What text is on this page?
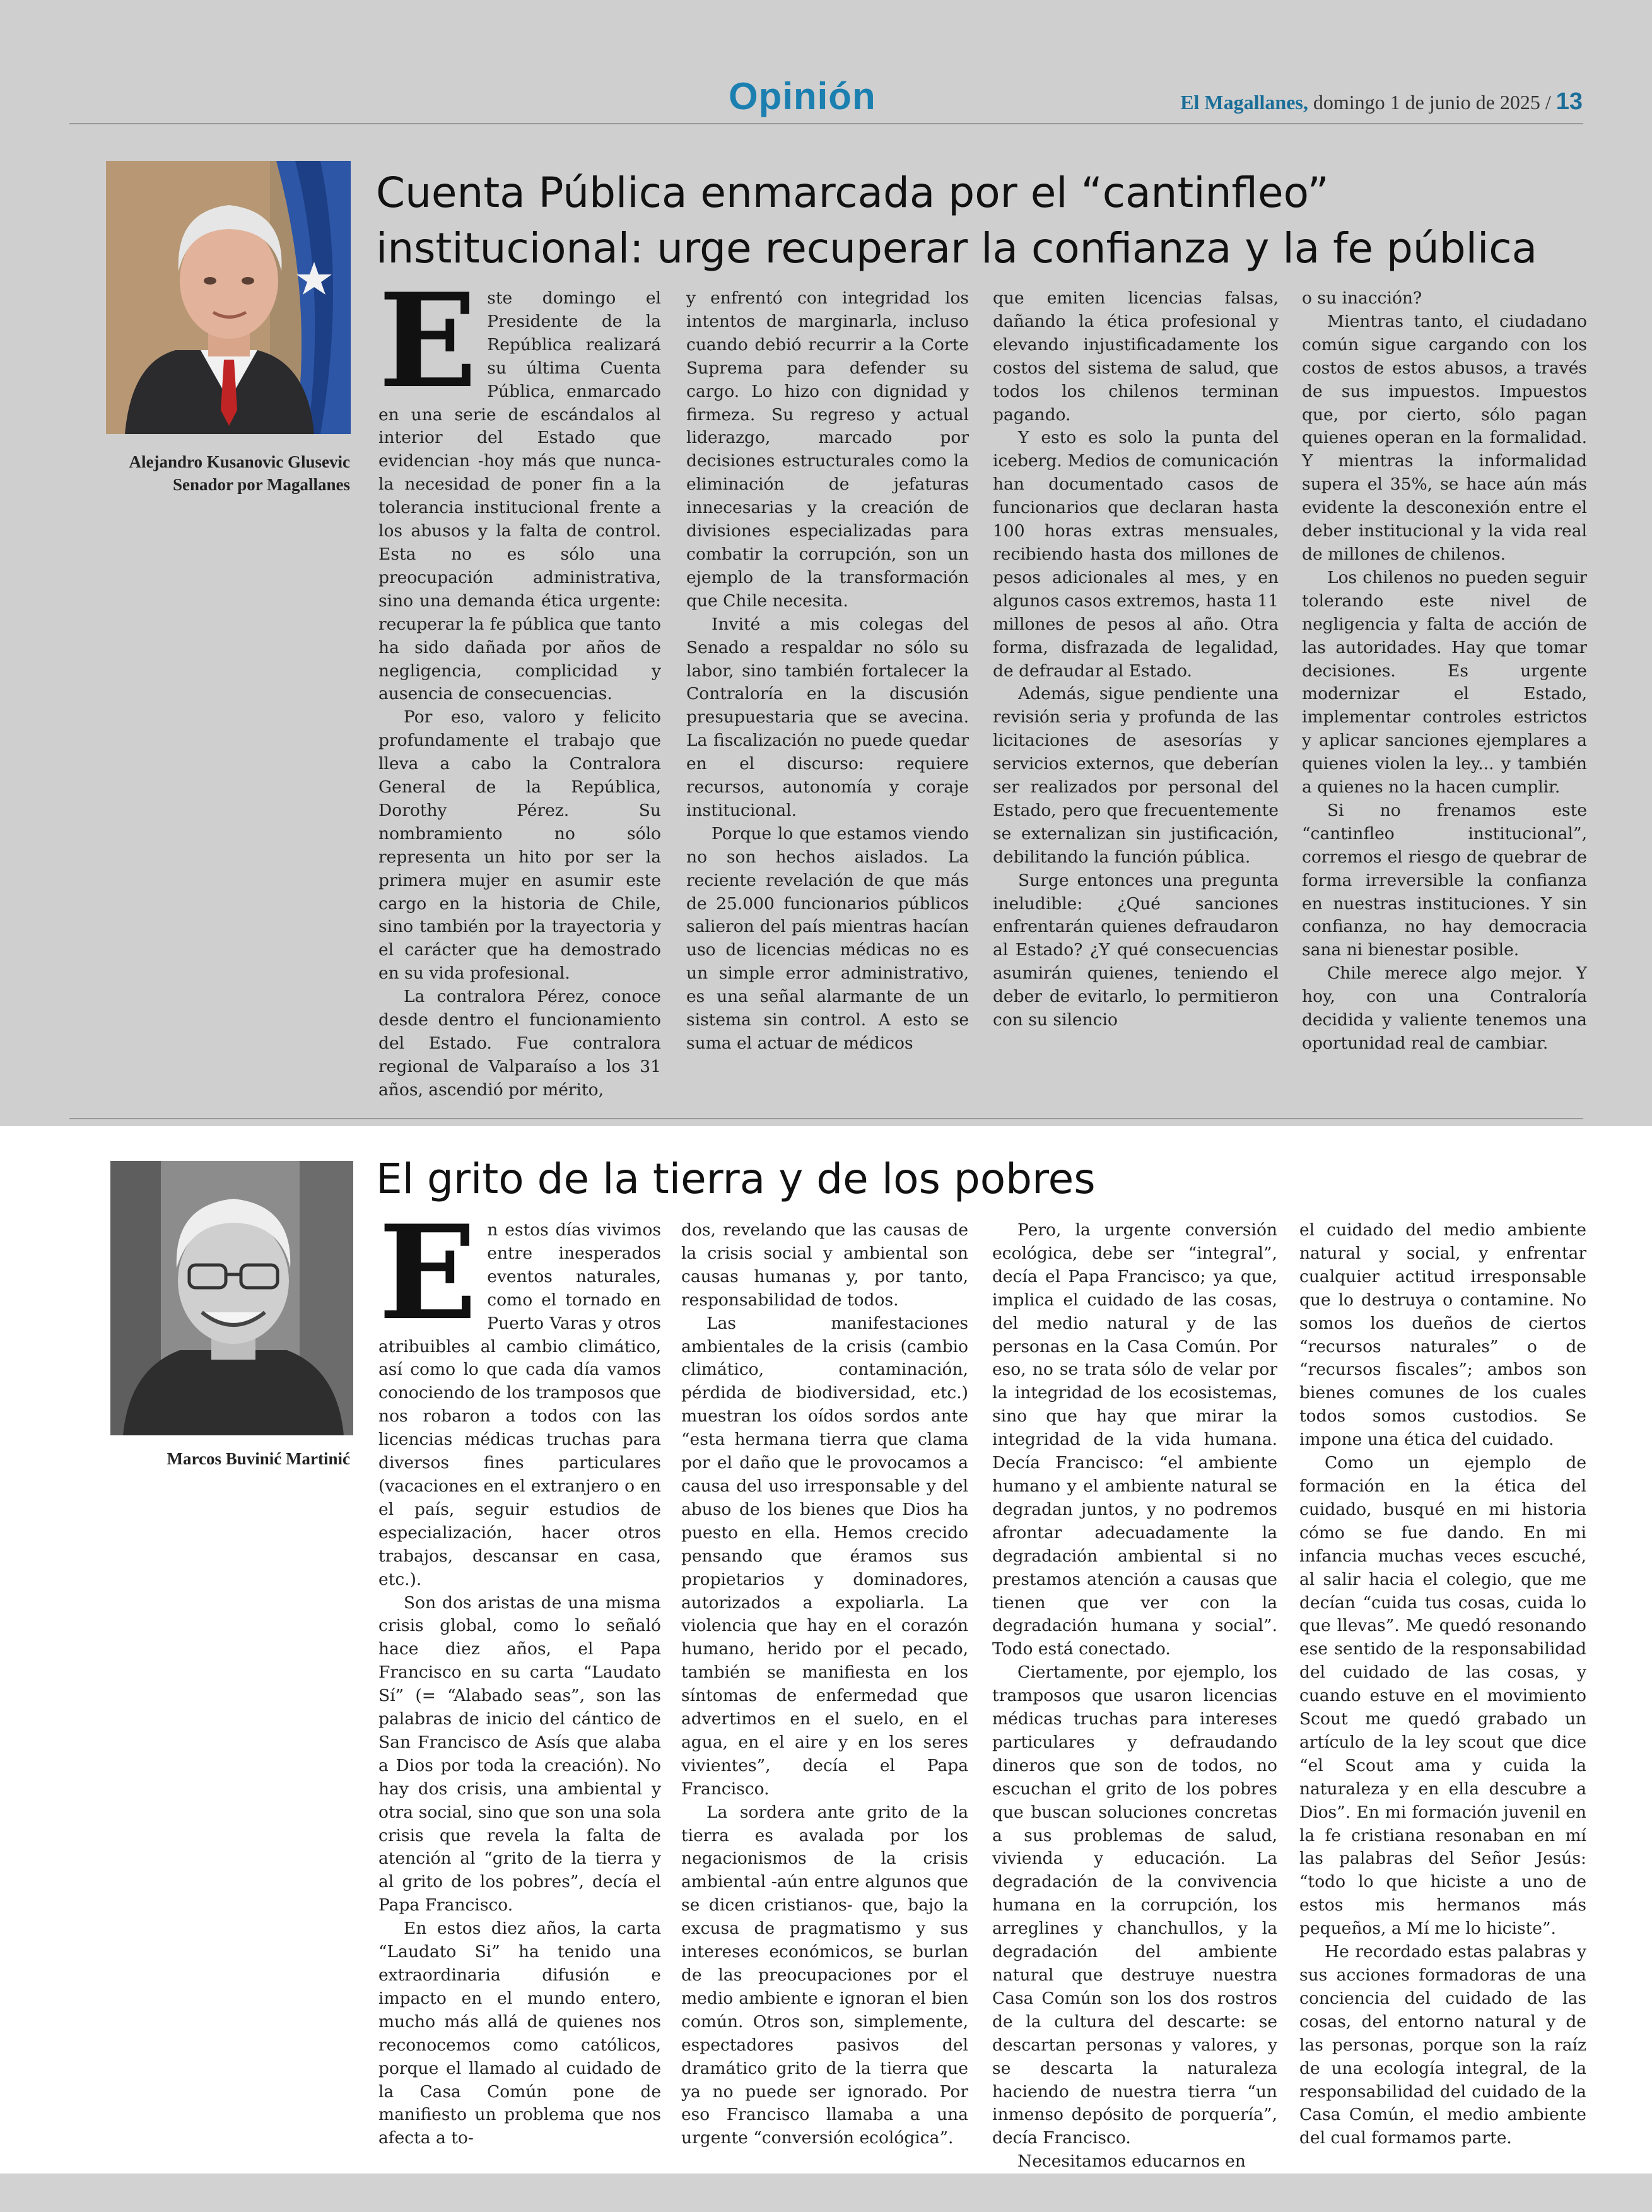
Opinión	El Magallanes, domingo 1 de junio de 2025 / 13
Alejandro Kusanovic Glusevic
Senador por Magallanes
Cuenta Pública enmarcada por el “cantinfleo”
institucional: urge recuperar la confianza y la fe pública
E ste domingo el Presidente de la República realizará su última Cuenta Pública, enmarcado en una serie de escándalos al interior del Estado que evidencian -hoy más que nunca- la necesidad de poner fin a la tolerancia institucional frente a los abusos y la falta de control. Esta no es sólo una preocupación administrativa, sino una demanda ética urgente: recuperar la fe pública que tanto ha sido dañada por años de negligencia, complicidad y ausencia de consecuencias.

Por eso, valoro y felicito profundamente el trabajo que lleva a cabo la Contralora General de la República, Dorothy Pérez. Su nombramiento no sólo representa un hito por ser la primera mujer en asumir este cargo en la historia de Chile, sino también por la trayectoria y el carácter que ha demostrado en su vida profesional.

La contralora Pérez, conoce desde dentro el funcionamiento del Estado. Fue contralora regional de Valparaíso a los 31 años, ascendió por mérito,

y enfrentó con integridad los intentos de marginarla, incluso cuando debió recurrir a la Corte Suprema para defender su cargo. Lo hizo con dignidad y firmeza. Su regreso y actual liderazgo, marcado por decisiones estructurales como la eliminación de jefaturas innecesarias y la creación de divisiones especializadas para combatir la corrupción, son un ejemplo de la transformación que Chile necesita.

Invité a mis colegas del Senado a respaldar no sólo su labor, sino también fortalecer la Contraloría en la discusión presupuestaria que se avecina. La fiscalización no puede quedar en el discurso: requiere recursos, autonomía y coraje institucional.

Porque lo que estamos viendo no son hechos aislados. La reciente revelación de que más de 25.000 funcionarios públicos salieron del país mientras hacían uso de licencias médicas no es un simple error administrativo, es una señal alarmante de un sistema sin control. A esto se suma el actuar de médicos

que emiten licencias falsas, dañando la ética profesional y elevando injustificadamente los costos del sistema de salud, que todos los chilenos terminan pagando.

Y esto es solo la punta del iceberg. Medios de comunicación han documentado casos de funcionarios que declaran hasta 100 horas extras mensuales, recibiendo hasta dos millones de pesos adicionales al mes, y en algunos casos extremos, hasta 11 millones de pesos al año. Otra forma, disfrazada de legalidad, de defraudar al Estado.

Además, sigue pendiente una revisión seria y profunda de las licitaciones de asesorías y servicios externos, que deberían ser realizados por personal del Estado, pero que frecuentemente se externalizan sin justificación, debilitando la función pública.

Surge entonces una pregunta ineludible: ¿Qué sanciones enfrentarán quienes defraudaron al Estado? ¿Y qué consecuencias asumirán quienes, teniendo el deber de evitarlo, lo permitieron con su silencio

o su inacción?

Mientras tanto, el ciudadano común sigue cargando con los costos de estos abusos, a través de sus impuestos. Impuestos que, por cierto, sólo pagan quienes operan en la formalidad. Y mientras la informalidad supera el 35%, se hace aún más evidente la desconexión entre el deber institucional y la vida real de millones de chilenos.

Los chilenos no pueden seguir tolerando este nivel de negligencia y falta de acción de las autoridades. Hay que tomar decisiones. Es urgente modernizar el Estado, implementar controles estrictos y aplicar sanciones ejemplares a quienes violen la ley... y también a quienes no la hacen cumplir.

Si no frenamos este “cantinfleo institucional”, corremos el riesgo de quebrar de forma irreversible la confianza en nuestras instituciones. Y sin confianza, no hay democracia sana ni bienestar posible.

Chile merece algo mejor. Y hoy, con una Contraloría decidida y valiente tenemos una oportunidad real de cambiar.

Marcos Buvinić Martinić
El grito de la tierra y de los pobres
E n estos días vivimos entre inesperados eventos naturales, como el tornado en Puerto Varas y otros atribuibles al cambio climático, así como lo que cada día vamos conociendo de los tramposos que nos robaron a todos con las licencias médicas truchas para diversos fines particulares (vacaciones en el extranjero o en el país, seguir estudios de especialización, hacer otros trabajos, descansar en casa, etc.).

Son dos aristas de una misma crisis global, como lo señaló hace diez años, el Papa Francisco en su carta “Laudato Sí” (= “Alabado seas”, son las palabras de inicio del cántico de San Francisco de Asís que alaba a Dios por toda la creación). No hay dos crisis, una ambiental y otra social, sino que son una sola crisis que revela la falta de atención al “grito de la tierra y al grito de los pobres”, decía el Papa Francisco.

En estos diez años, la carta “Laudato Si” ha tenido una extraordinaria difusión e impacto en el mundo entero, mucho más allá de quienes nos reconocemos como católicos, porque el llamado al cuidado de la Casa Común pone de manifiesto un problema que nos afecta a to-

dos, revelando que las causas de la crisis social y ambiental son causas humanas y, por tanto, responsabilidad de todos.

Las manifestaciones ambientales de la crisis (cambio climático, contaminación, pérdida de biodiversidad, etc.) muestran los oídos sordos ante “esta hermana tierra que clama por el daño que le provocamos a causa del uso irresponsable y del abuso de los bienes que Dios ha puesto en ella. Hemos crecido pensando que éramos sus propietarios y dominadores, autorizados a expoliarla. La violencia que hay en el corazón humano, herido por el pecado, también se manifiesta en los síntomas de enfermedad que advertimos en el suelo, en el agua, en el aire y en los seres vivientes”, decía el Papa Francisco.

La sordera ante grito de la tierra es avalada por los negacionismos de la crisis ambiental -aún entre algunos que se dicen cristianos- que, bajo la excusa de pragmatismo y sus intereses económicos, se burlan de las preocupaciones por el medio ambiente e ignoran el bien común. Otros son, simplemente, espectadores pasivos del dramático grito de la tierra que ya no puede ser ignorado. Por eso Francisco llamaba a una urgente “conversión ecológica”.

Pero, la urgente conversión ecológica, debe ser “integral”, decía el Papa Francisco; ya que, implica el cuidado de las cosas, del medio natural y de las personas en la Casa Común. Por eso, no se trata sólo de velar por la integridad de los ecosistemas, sino que hay que mirar la integridad de la vida humana. Decía Francisco: “el ambiente humano y el ambiente natural se degradan juntos, y no podremos afrontar adecuadamente la degradación ambiental si no prestamos atención a causas que tienen que ver con la degradación humana y social”. Todo está conectado.

Ciertamente, por ejemplo, los tramposos que usaron licencias médicas truchas para intereses particulares y defraudando dineros que son de todos, no escuchan el grito de los pobres que buscan soluciones concretas a sus problemas de salud, vivienda y educación. La degradación de la convivencia humana en la corrupción, los arreglines y chanchullos, y la degradación del ambiente natural que destruye nuestra Casa Común son los dos rostros de la cultura del descarte: se descartan personas y valores, y se descarta la naturaleza haciendo de nuestra tierra “un inmenso depósito de porquería”, decía Francisco.

Necesitamos educarnos en

el cuidado del medio ambiente natural y social, y enfrentar cualquier actitud irresponsable que lo destruya o contamine. No somos los dueños de ciertos “recursos naturales” o de “recursos fiscales”; ambos son bienes comunes de los cuales todos somos custodios. Se impone una ética del cuidado.

Como un ejemplo de formación en la ética del cuidado, busqué en mi historia cómo se fue dando. En mi infancia muchas veces escuché, al salir hacia el colegio, que me decían “cuida tus cosas, cuida lo que llevas”. Me quedó resonando ese sentido de la responsabilidad del cuidado de las cosas, y cuando estuve en el movimiento Scout me quedó grabado un artículo de la ley scout que dice “el Scout ama y cuida la naturaleza y en ella descubre a Dios”. En mi formación juvenil en la fe cristiana resonaban en mí las palabras del Señor Jesús: “todo lo que hiciste a uno de estos mis hermanos más pequeños, a Mí me lo hiciste”.

He recordado estas palabras y sus acciones formadoras de una conciencia del cuidado de las cosas, del entorno natural y de las personas, porque son la raíz de una ecología integral, de la responsabilidad del cuidado de la Casa Común, el medio ambiente del cual formamos parte.
